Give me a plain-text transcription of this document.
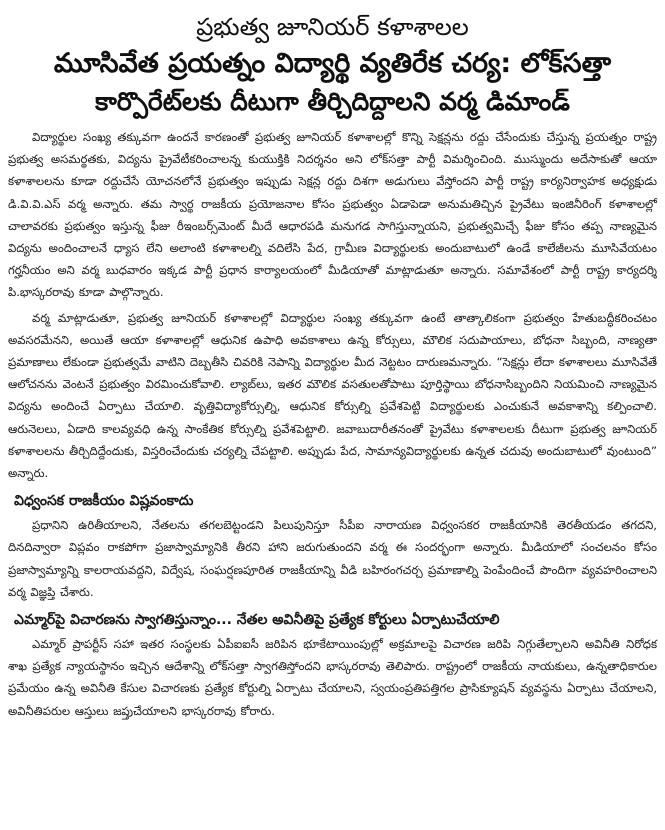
ప్రభుత్వ జూనియర్ కళాశాలల
మూసివేత ప్రయత్నం విద్యార్థి వ్యతిరేక చర్య: లోక్‌సత్తా
కార్పొరేట్‌లకు దీటుగా తీర్చిదిద్దాలని వర్మ డిమాండ్

విద్యార్థుల సంఖ్య తక్కువగా ఉందనే కారణంతో ప్రభుత్వ జూనియర్ కళాశాలల్లో కొన్ని సెక్షన్లను రద్దు చేసేందుకు చేస్తున్న ప్రయత్నం రాష్ట్ర ప్రభుత్వ అసమర్థతకు, విద్యను ప్రైవేటీకరించాలన్న కుయుక్తికి నిదర్శనం అని లోక్‌సత్తా పార్టీ విమర్శించింది. ముస్ముందు అదేసాకుతో ఆయా కళాశాలలను కూడా రద్దుచేసే యోచనలోనే ప్రభుత్వం ఇప్పుడు సెక్షన్ల రద్దు దిశగా అడుగులు వేస్తోందని పార్టీ రాష్ట్ర కార్యనిర్వాహక అధ్యక్షుడు డి.వి.వి.ఎస్ వర్మ అన్నారు. తమ స్వార్థ రాజకీయ ప్రయోజనాల కోసం ప్రభుత్వం ఏడాపెడా అనుమతిచ్చిన ప్రైవేటు ఇంజినీరింగ్ కళాశాలల్లో చాలావరకు ప్రభుత్వం ఇస్తున్న ఫీజు రీఇంబర్స్‌మెంట్ మీదే ఆధారపడి మనుగడ సాగిస్తున్నాయని, ప్రభుత్వమిచ్చే ఫీజు కోసం తప్ప నాణ్యమైన విద్యను అందించాలనే ధ్యాస లేని అలాంటి కళాశాలల్ని వదిలేసి పేద, గ్రామీణ విద్యార్థులకు అందుబాటులో ఉండే కాలేజీలను మూసివేయటం గర్హనీయం అని వర్మ బుధవారం ఇక్కడ పార్టీ ప్రధాన కార్యాలయంలో మీడియాతో మాట్లాడుతూ అన్నారు. సమావేశంలో పార్టీ రాష్ట్ర కార్యదర్శి పి.భాస్కరరావు కూడా పాల్గొన్నారు.

వర్మ మాట్లాడుతూ, ప్రభుత్వ జూనియర్ కళాశాలల్లో విద్యార్థుల సంఖ్య తక్కువగా ఉంటే తాత్కాలికంగా ప్రభుత్వం హేతుబద్ధీకరించటం అవసరమేనని, అయితే ఆయా కళాశాలల్లో ఆధునిక ఉపాధి అవకాశాలు ఉన్న కోర్సులు, మౌలిక సదుపాయాలు, బోధనా సిబ్బంది, నాణ్యతా ప్రమాణాలు లేకుండా ప్రభుత్వమే వాటిని దెబ్బతీసి చివరికి నెపాన్ని విద్యార్థుల మీద నెట్టటం దారుణమన్నారు. “సెక్షన్లు లేదా కళాశాలలు మూసివేతే ఆలోచనను వెంటనే ప్రభుత్వం విరమించుకోవాలి. ల్యాబ్‌లు, ఇతర మౌలిక వసతులతోపాటు పూర్తిస్థాయి బోధనాసిబ్బందిని నియమించి నాణ్యమైన విద్యను అందించే ఏర్పాటు చేయాలి. వృత్తివిద్యాకోర్సుల్ని, ఆధునిక కోర్సుల్ని ప్రవేశపెట్టి విద్యార్థులకు ఎంచుకునే అవకాశాన్ని కల్పించాలి. ఆరునెలలు, ఏడాది కాలవ్యవధి ఉన్న సాంకేతిక కోర్సుల్ని ప్రవేశపెట్టాలి. జవాబుదారీతనంతో ప్రైవేటు కళాశాలలకు దీటుగా ప్రభుత్వ జూనియర్ కళాశాలలను తీర్చిదిద్దేందుకు, విస్తరించేందుకు చర్యల్ని చేపట్టాలి. అప్పుడు పేద, సామాన్యవిద్యార్థులకు ఉన్నత చదువు అందుబాటులో వుంటుంది” అన్నారు.

విధ్వంసక రాజకీయం విష్లవంకాదు

ప్రధానిని ఉరితీయాలని, నేతలను తగలబెట్టండని పిలుపునిస్తూ సీపీఐ నారాయణ విధ్వంసకర రాజకీయానికి తెరతీయడం తగదని, దినదిన్వారా విప్లవం రాకపోగా ప్రజాస్వామ్యానికి తీరని హాని జరుగుతుందని వర్మ ఈ సందర్భంగా అన్నారు. మీడియాలో సంచలనం కోసం ప్రజాస్వామ్యాన్ని కాలరాయవద్దని, విద్వేష, సంఘర్షణపూరిత రాజకీయాన్ని వీడి బహిరంగచర్చ ప్రమాణాల్ని పెంపేందించే పొందిగా వ్యవహరించాలని వర్మ విజ్ఞప్తి చేశారు.

ఎమ్మార్‌పై విచారణను స్వాగతిస్తున్నాం... నేతల అవినీతిపై ప్రత్యేక కోర్టులు ఏర్పాటుచేయాలి

ఎమ్మార్ ప్రాపర్టీస్ సహా ఇతర సంస్థలకు ఏపీఐఐసీ జరిపిన భూకేటాయింపుల్లో అక్రమాలపై విచారణ జరిపి నిగ్గుతేల్చాలని అవినీతి నిరోధక శాఖ ప్రత్యేక న్యాయస్థానం ఇచ్చిన ఆదేశాన్ని లోక్‌సత్తా స్వాగతిస్తోందని భాస్కరరావు తెలిపారు. రాష్ట్రంలో రాజకీయ నాయకులు, ఉన్నతాధికారుల ప్రమేయం ఉన్న అవినీతి కేసుల విచారణకు ప్రత్యేక కోర్టుల్ని ఏర్పాటు చేయాలని, స్వయంప్రతిపత్తిగల ప్రాసిక్యూషన్ వ్యవస్థను ఏర్పాటు చేయాలని, అవినీతిపరుల ఆస్తులు జప్తుచేయాలని భాస్కరరావు కోరారు.
